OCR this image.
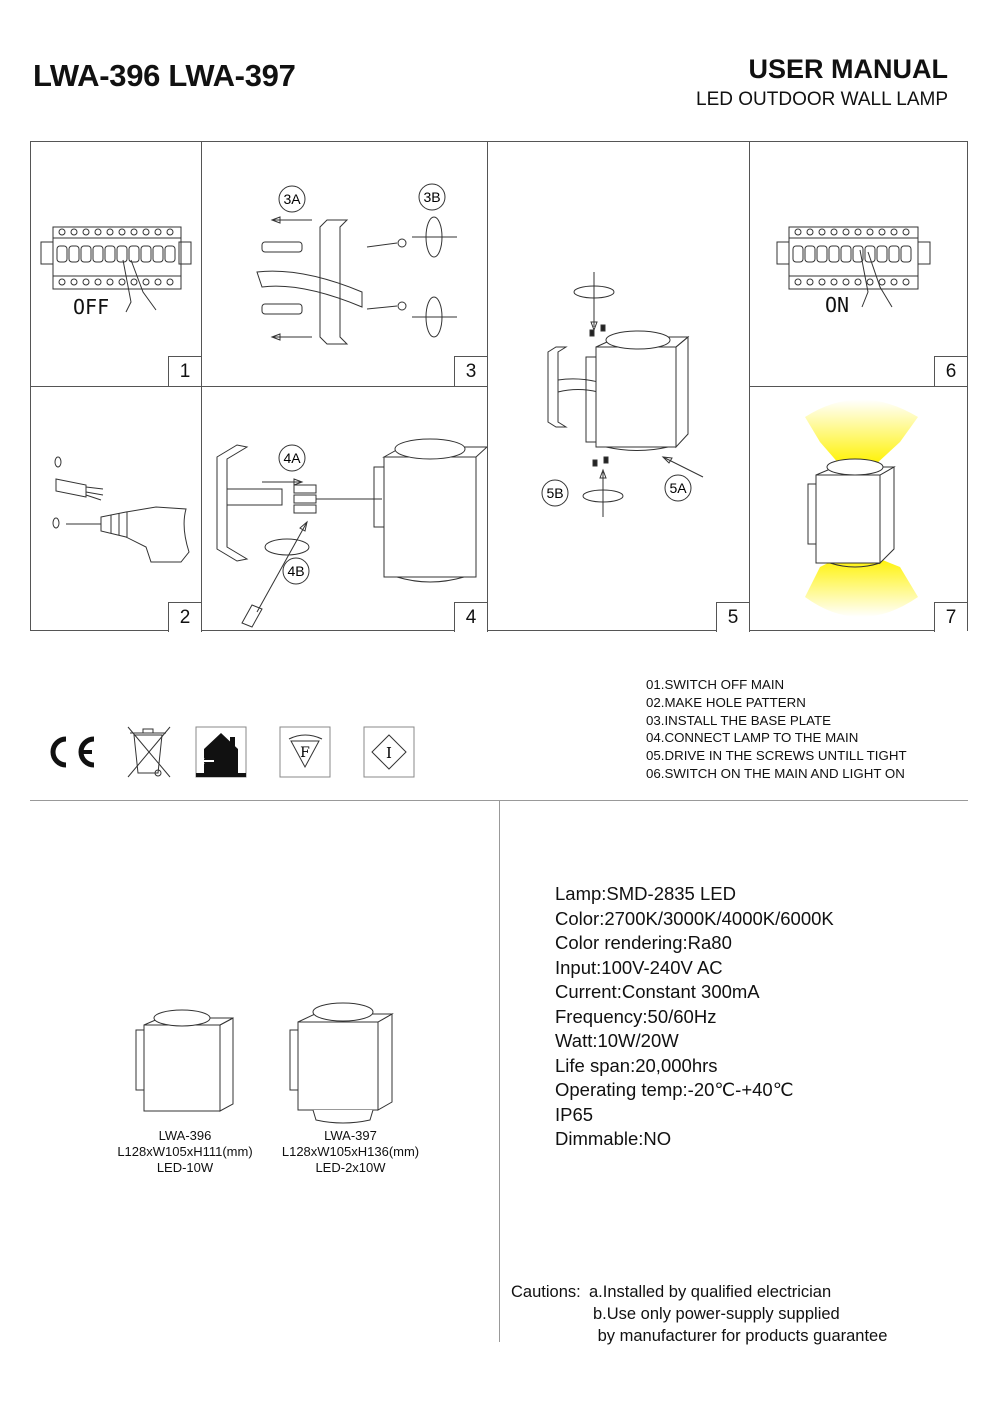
LWA-396 LWA-397	USER MANUAL
LED OUTDOOR WALL LAMP
OFF
1
3A	3B
3
5B	5A
5
ON
6
2
4A
4B
4	7
01.SWITCH OFF MAIN
02.MAKE HOLE PATTERN
03.INSTALL THE BASE PLATE
04.CONNECT LAMP TO THE MAIN
05.DRIVE IN THE SCREWS UNTILL TIGHT
06.SWITCH ON THE MAIN AND LIGHT ON
F	I
LWA-396
L128xW105xH111(mm)
LED-10W
LWA-397
L128xW105xH136(mm)
LED-2x10W
Lamp:SMD-2835 LED
Color:2700K/3000K/4000K/6000K
Color rendering:Ra80
Input:100V-240V AC
Current:Constant 300mA
Frequency:50/60Hz
Watt:10W/20W
Life span:20,000hrs
Operating temp:-20℃-+40℃
IP65
Dimmable:NO
Cautions: a.Installed by qualified electrician
b.Use only power-supply supplied
by manufacturer for products guarantee
